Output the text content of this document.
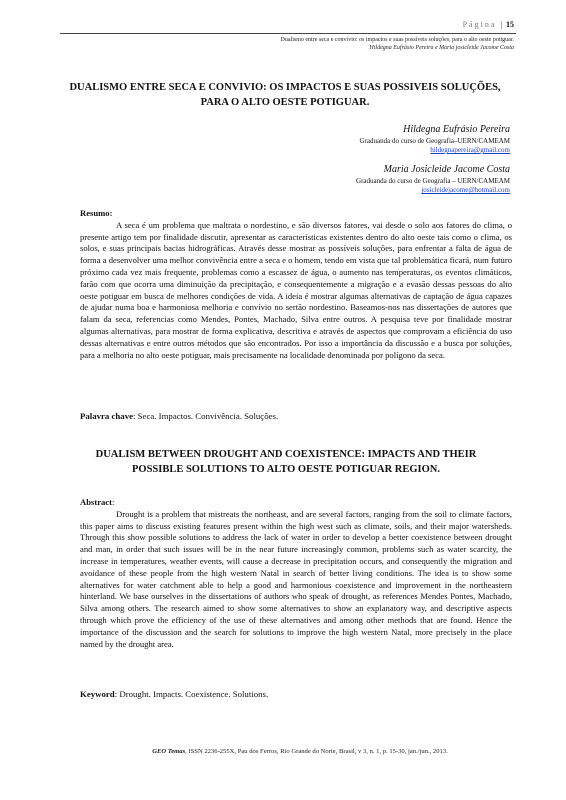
Página | 15
Dualismo entre seca e convívio: os impactos e suas possíveis soluções, para o alto oeste potiguar.
Hildegna Eufrásio Pereira e Maria josicleide Jacome Costa
DUALISMO ENTRE SECA E CONVIVIO: OS IMPACTOS E SUAS POSSIVEIS SOLUÇÕES, PARA O ALTO OESTE POTIGUAR.
Hildegna Eufrásio Pereira
Graduanda do curso de Geografia–UERN/CAMEAM
hildegnapereira@gmail.com
Maria Josicleide Jacome Costa
Graduanda do curso de Geografia – UERN/CAMEAM
josicleidejacome@hotmail.com

Resumo:

A seca é um problema que maltrata o nordestino, e são diversos fatores, vai desde o solo aos fatores do clima, o presente artigo tem por finalidade discutir, apresentar as características existentes dentro do alto oeste tais como o clima, os solos, e suas principais bacias hidrográficas. Através desse mostrar as possíveis soluções, para enfrentar a falta de água de forma a desenvolver uma melhor convivência entre a seca e o homem, tendo em vista que tal problemática ficará, num futuro próximo cada vez mais frequente, problemas como a escassez de água, o aumento nas temperaturas, os eventos climáticos, farão com que ocorra uma diminuição da precipitação, e consequentemente a migração e a evasão dessas pessoas do alto oeste potiguar em busca de melhores condições de vida. A ideia é mostrar algumas alternativas de captação de água capazes de ajudar numa boa e harmoniosa melhoria e convívio no sertão nordestino. Baseamos-nos nas dissertações de autores que falam da seca, referencias como Mendes, Pontes, Machado, Silva entre outros. A pesquisa teve por finalidade mostrar algumas alternativas, para mostrar de forma explicativa, descritiva e através de aspectos que comprovam a eficiência do uso dessas alternativas e entre outros métodos que são encontrados. Por isso a importância da discussão e a busca por soluções, para a melhoria no alto oeste potiguar, mais precisamente na localidade denominada por polígono da seca.

Palavra chave: Seca. Impactos. Convivência. Soluções.
DUALISM BETWEEN DROUGHT AND COEXISTENCE: IMPACTS AND THEIR POSSIBLE SOLUTIONS TO ALTO OESTE POTIGUAR REGION.

Abstract:

Drought is a problem that mistreats the northeast, and are several factors, ranging from the soil to climate factors, this paper aims to discuss existing features present within the high west such as climate, soils, and their major watersheds. Through this show possible solutions to address the lack of water in order to develop a better coexistence between drought and man, in order that such issues will be in the near future increasingly common, problems such as water scarcity, the increase in temperatures, weather events, will cause a decrease in precipitation occurs, and consequently the migration and avoidance of these people from the high western Natal in search of better living conditions. The idea is to show some alternatives for water catchment able to help a good and harmonious coexistence and improvement in the northeastern hinterland. We base ourselves in the dissertations of authors who speak of drought, as references Mendes Pontes, Machado, Silva among others. The research aimed to show some alternatives to show an explanatory way, and descriptive aspects through which prove the efficiency of the use of these alternatives and among other methods that are found. Hence the importance of the discussion and the search for solutions to improve the high western Natal, more precisely in the place named by the drought area.

Keyword: Drought. Impacts. Coexistence. Solutions.
GEO Temas, ISSN 2236-255X, Pau dos Ferros, Rio Grande do Norte, Brasil, v 3, n. 1, p. 15-30, jan./jun., 2013.
